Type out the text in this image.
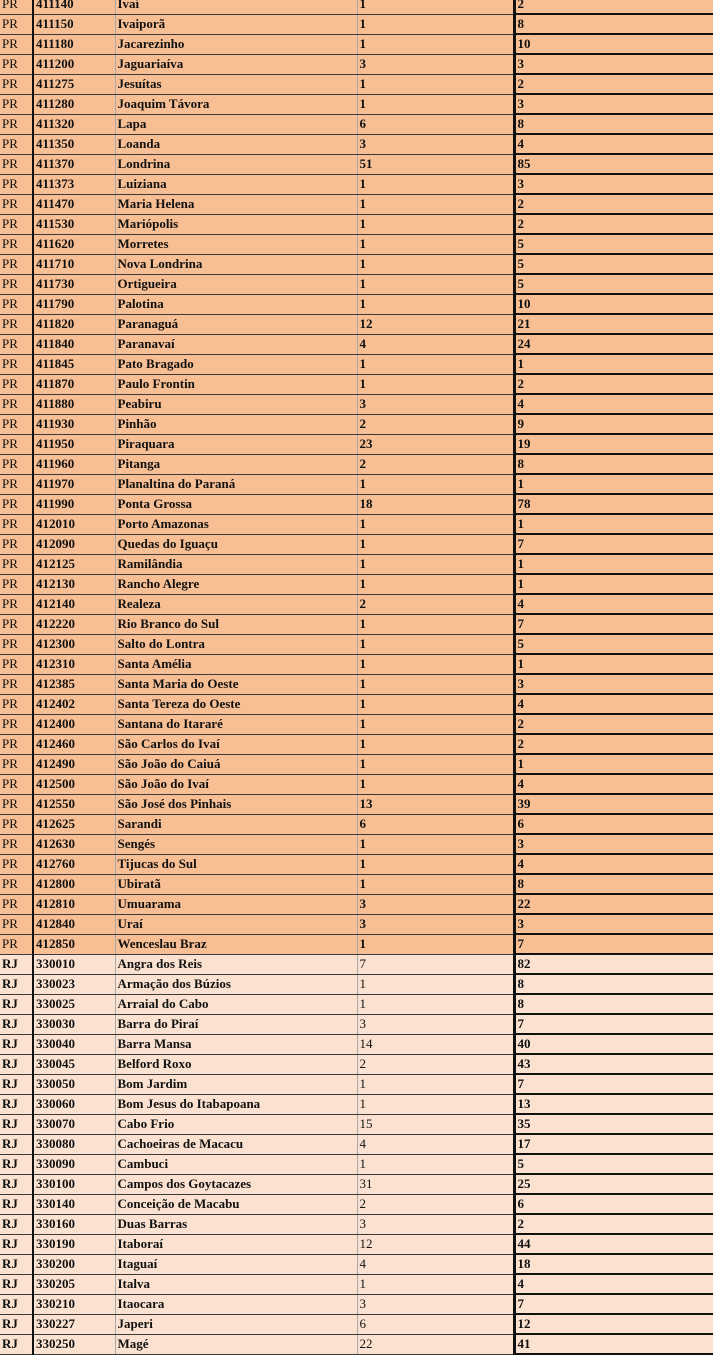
PR	411140	Ivaí	1	2
PR	411150	Ivaiporã	1	8
PR	411180	Jacarezinho	1	10
PR	411200	Jaguariaíva	3	3
PR	411275	Jesuítas	1	2
PR	411280	Joaquim Távora	1	3
PR	411320	Lapa	6	8
PR	411350	Loanda	3	4
PR	411370	Londrina	51	85
PR	411373	Luiziana	1	3
PR	411470	Maria Helena	1	2
PR	411530	Mariópolis	1	2
PR	411620	Morretes	1	5
PR	411710	Nova Londrina	1	5
PR	411730	Ortigueira	1	5
PR	411790	Palotina	1	10
PR	411820	Paranaguá	12	21
PR	411840	Paranavaí	4	24
PR	411845	Pato Bragado	1	1
PR	411870	Paulo Frontin	1	2
PR	411880	Peabiru	3	4
PR	411930	Pinhão	2	9
PR	411950	Piraquara	23	19
PR	411960	Pitanga	2	8
PR	411970	Planaltina do Paraná	1	1
PR	411990	Ponta Grossa	18	78
PR	412010	Porto Amazonas	1	1
PR	412090	Quedas do Iguaçu	1	7
PR	412125	Ramilândia	1	1
PR	412130	Rancho Alegre	1	1
PR	412140	Realeza	2	4
PR	412220	Rio Branco do Sul	1	7
PR	412300	Salto do Lontra	1	5
PR	412310	Santa Amélia	1	1
PR	412385	Santa Maria do Oeste	1	3
PR	412402	Santa Tereza do Oeste	1	4
PR	412400	Santana do Itararé	1	2
PR	412460	São Carlos do Ivaí	1	2
PR	412490	São João do Caiuá	1	1
PR	412500	São João do Ivaí	1	4
PR	412550	São José dos Pinhais	13	39
PR	412625	Sarandi	6	6
PR	412630	Sengés	1	3
PR	412760	Tijucas do Sul	1	4
PR	412800	Ubiratã	1	8
PR	412810	Umuarama	3	22
PR	412840	Uraí	3	3
PR	412850	Wenceslau Braz	1	7
RJ	330010	Angra dos Reis	7	82
RJ	330023	Armação dos Búzios	1	8
RJ	330025	Arraial do Cabo	1	8
RJ	330030	Barra do Piraí	3	7
RJ	330040	Barra Mansa	14	40
RJ	330045	Belford Roxo	2	43
RJ	330050	Bom Jardim	1	7
RJ	330060	Bom Jesus do Itabapoana	1	13
RJ	330070	Cabo Frio	15	35
RJ	330080	Cachoeiras de Macacu	4	17
RJ	330090	Cambuci	1	5
RJ	330100	Campos dos Goytacazes	31	25
RJ	330140	Conceição de Macabu	2	6
RJ	330160	Duas Barras	3	2
RJ	330190	Itaboraí	12	44
RJ	330200	Itaguaí	4	18
RJ	330205	Italva	1	4
RJ	330210	Itaocara	3	7
RJ	330227	Japeri	6	12
RJ	330250	Magé	22	41
